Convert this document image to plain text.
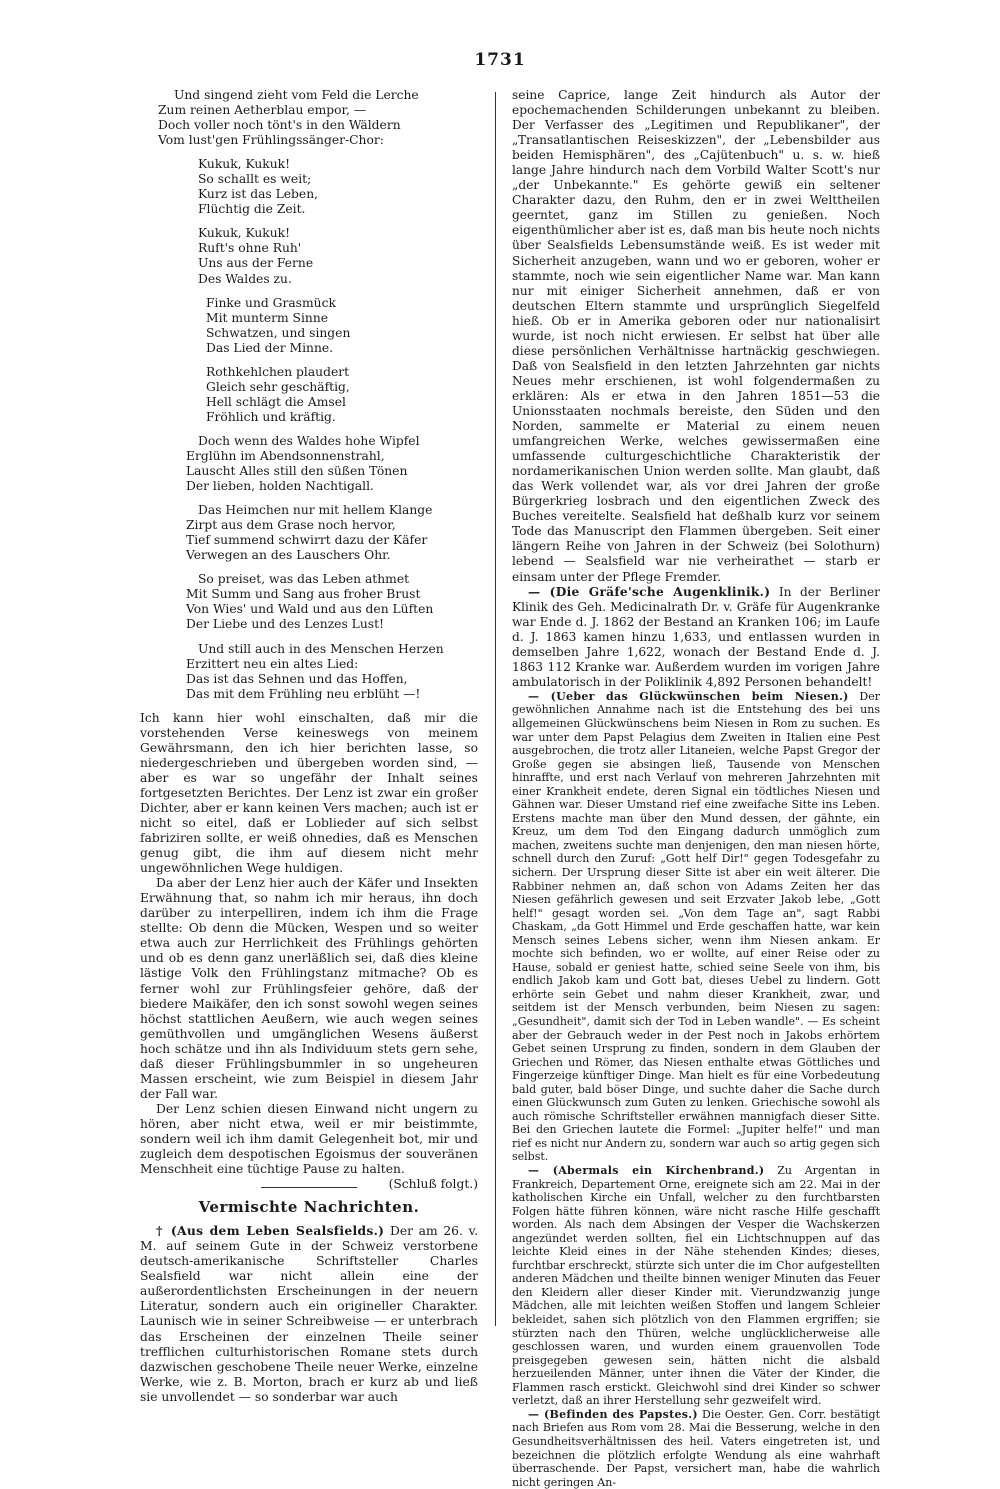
1731
Und singend zieht vom Feld die Lerche
Zum reinen Aetherblau empor, —
Doch voller noch tönt's in den Wäldern
Vom lust'gen Frühlingssänger-Chor:
Kukuk, Kukuk!
So schallt es weit;
Kurz ist das Leben,
Flüchtig die Zeit.
Kukuk, Kukuk!
Ruft's ohne Ruh'
Uns aus der Ferne
Des Waldes zu.
Finke und Grasmück
Mit munterm Sinne
Schwatzen, und singen
Das Lied der Minne.
Rothkehlchen plaudert
Gleich sehr geschäftig,
Hell schlägt die Amsel
Fröhlich und kräftig.
Doch wenn des Waldes hohe Wipfel
Erglühn im Abendsonnenstrahl,
Lauscht Alles still den süßen Tönen
Der lieben, holden Nachtigall.
Das Heimchen nur mit hellem Klange
Zirpt aus dem Grase noch hervor,
Tief summend schwirrt dazu der Käfer
Verwegen an des Lauschers Ohr.
So preiset, was das Leben athmet
Mit Summ und Sang aus froher Brust
Von Wies' und Wald und aus den Lüften
Der Liebe und des Lenzes Lust!
Und still auch in des Menschen Herzen
Erzittert neu ein altes Lied:
Das ist das Sehnen und das Hoffen,
Das mit dem Frühling neu erblüht —!

Ich kann hier wohl einschalten, daß mir die vorstehenden Verse keineswegs von meinem Gewährsmann, den ich hier berichten lasse, so niedergeschrieben und übergeben worden sind, — aber es war so ungefähr der Inhalt seines fortgesetzten Berichtes. Der Lenz ist zwar ein großer Dichter, aber er kann keinen Vers machen; auch ist er nicht so eitel, daß er Loblieder auf sich selbst fabriziren sollte, er weiß ohnedies, daß es Menschen genug gibt, die ihm auf diesem nicht mehr ungewöhnlichen Wege huldigen.

Da aber der Lenz hier auch der Käfer und Insekten Erwähnung that, so nahm ich mir heraus, ihn doch darüber zu interpelliren, indem ich ihm die Frage stellte: Ob denn die Mücken, Wespen und so weiter etwa auch zur Herrlichkeit des Frühlings gehörten und ob es denn ganz unerläßlich sei, daß dies kleine lästige Volk den Frühlingstanz mitmache? Ob es ferner wohl zur Frühlingsfeier gehöre, daß der biedere Maikäfer, den ich sonst sowohl wegen seines höchst stattlichen Aeußern, wie auch wegen seines gemüthvollen und umgänglichen Wesens äußerst hoch schätze und ihn als Individuum stets gern sehe, daß dieser Frühlingsbummler in so ungeheuren Massen erscheint, wie zum Beispiel in diesem Jahr der Fall war.

Der Lenz schien diesen Einwand nicht ungern zu hören, aber nicht etwa, weil er mir beistimmte, sondern weil ich ihm damit Gelegenheit bot, mir und zugleich dem despotischen Egoismus der souveränen Menschheit eine tüchtige Pause zu halten.
(Schluß folgt.)

Vermischte Nachrichten.

† (Aus dem Leben Sealsfields.) Der am 26. v. M. auf seinem Gute in der Schweiz verstorbene deutsch-amerikanische Schriftsteller Charles Sealsfield war nicht allein eine der außerordentlichsten Erscheinungen in der neuern Literatur, sondern auch ein origineller Charakter. Launisch wie in seiner Schreibweise — er unterbrach das Erscheinen der einzelnen Theile seiner trefflichen culturhistorischen Romane stets durch dazwischen geschobene Theile neuer Werke, einzelne Werke, wie z. B. Morton, brach er kurz ab und ließ sie unvollendet — so sonderbar war auch

seine Caprice, lange Zeit hindurch als Autor der epochemachenden Schilderungen unbekannt zu bleiben. Der Verfasser des „Legitimen und Republikaner", der „Transatlantischen Reiseskizzen", der „Lebensbilder aus beiden Hemisphären", des „Cajütenbuch" u. s. w. hieß lange Jahre hindurch nach dem Vorbild Walter Scott's nur „der Unbekannte." Es gehörte gewiß ein seltener Charakter dazu, den Ruhm, den er in zwei Welttheilen geerntet, ganz im Stillen zu genießen. Noch eigenthümlicher aber ist es, daß man bis heute noch nichts über Sealsfields Lebensumstände weiß. Es ist weder mit Sicherheit anzugeben, wann und wo er geboren, woher er stammte, noch wie sein eigentlicher Name war. Man kann nur mit einiger Sicherheit annehmen, daß er von deutschen Eltern stammte und ursprünglich Siegelfeld hieß. Ob er in Amerika geboren oder nur nationalisirt wurde, ist noch nicht erwiesen. Er selbst hat über alle diese persönlichen Verhältnisse hartnäckig geschwiegen. Daß von Sealsfield in den letzten Jahrzehnten gar nichts Neues mehr erschienen, ist wohl folgendermaßen zu erklären: Als er etwa in den Jahren 1851—53 die Unionsstaaten nochmals bereiste, den Süden und den Norden, sammelte er Material zu einem neuen umfangreichen Werke, welches gewissermaßen eine umfassende culturgeschichtliche Charakteristik der nordamerikanischen Union werden sollte. Man glaubt, daß das Werk vollendet war, als vor drei Jahren der große Bürgerkrieg losbrach und den eigentlichen Zweck des Buches vereitelte. Sealsfield hat deßhalb kurz vor seinem Tode das Manuscript den Flammen übergeben. Seit einer längern Reihe von Jahren in der Schweiz (bei Solothurn) lebend — Sealsfield war nie verheirathet — starb er einsam unter der Pflege Fremder.

— (Die Gräfe'sche Augenklinik.) In der Berliner Klinik des Geh. Medicinalrath Dr. v. Gräfe für Augenkranke war Ende d. J. 1862 der Bestand an Kranken 106; im Laufe d. J. 1863 kamen hinzu 1,633, und entlassen wurden in demselben Jahre 1,622, wonach der Bestand Ende d. J. 1863 112 Kranke war. Außerdem wurden im vorigen Jahre ambulatorisch in der Poliklinik 4,892 Personen behandelt!

— (Ueber das Glückwünschen beim Niesen.) Der gewöhnlichen Annahme nach ist die Entstehung des bei uns allgemeinen Glückwünschens beim Niesen in Rom zu suchen. Es war unter dem Papst Pelagius dem Zweiten in Italien eine Pest ausgebrochen, die trotz aller Litaneien, welche Papst Gregor der Große gegen sie absingen ließ, Tausende von Menschen hinraffte, und erst nach Verlauf von mehreren Jahrzehnten mit einer Krankheit endete, deren Signal ein tödtliches Niesen und Gähnen war. Dieser Umstand rief eine zweifache Sitte ins Leben. Erstens machte man über den Mund dessen, der gähnte, ein Kreuz, um dem Tod den Eingang dadurch unmöglich zum machen, zweitens suchte man denjenigen, den man niesen hörte, schnell durch den Zuruf: „Gott helf Dir!" gegen Todesgefahr zu sichern. Der Ursprung dieser Sitte ist aber ein weit älterer. Die Rabbiner nehmen an, daß schon von Adams Zeiten her das Niesen gefährlich gewesen und seit Erzvater Jakob lebe, „Gott helf!" gesagt worden sei. „Von dem Tage an", sagt Rabbi Chaskam, „da Gott Himmel und Erde geschaffen hatte, war kein Mensch seines Lebens sicher, wenn ihm Niesen ankam. Er mochte sich befinden, wo er wollte, auf einer Reise oder zu Hause, sobald er geniest hatte, schied seine Seele von ihm, bis endlich Jakob kam und Gott bat, dieses Uebel zu lindern. Gott erhörte sein Gebet und nahm dieser Krankheit, zwar, und seitdem ist der Mensch verbunden, beim Niesen zu sagen: „Gesundheit", damit sich der Tod in Leben wandle". — Es scheint aber der Gebrauch weder in der Pest noch in Jakobs erhörtem Gebet seinen Ursprung zu finden, sondern in dem Glauben der Griechen und Römer, das Niesen enthalte etwas Göttliches und Fingerzeige künftiger Dinge. Man hielt es für eine Vorbedeutung bald guter, bald böser Dinge, und suchte daher die Sache durch einen Glückwunsch zum Guten zu lenken. Griechische sowohl als auch römische Schriftsteller erwähnen mannigfach dieser Sitte. Bei den Griechen lautete die Formel: „Jupiter helfe!" und man rief es nicht nur Andern zu, sondern war auch so artig gegen sich selbst.

— (Abermals ein Kirchenbrand.) Zu Argentan in Frankreich, Departement Orne, ereignete sich am 22. Mai in der katholischen Kirche ein Unfall, welcher zu den furchtbarsten Folgen hätte führen können, wäre nicht rasche Hilfe geschafft worden. Als nach dem Absingen der Vesper die Wachskerzen angezündet werden sollten, fiel ein Lichtschnuppen auf das leichte Kleid eines in der Nähe stehenden Kindes; dieses, furchtbar erschreckt, stürzte sich unter die im Chor aufgestellten anderen Mädchen und theilte binnen weniger Minuten das Feuer den Kleidern aller dieser Kinder mit. Vierundzwanzig junge Mädchen, alle mit leichten weißen Stoffen und langem Schleier bekleidet, sahen sich plötzlich von den Flammen ergriffen; sie stürzten nach den Thüren, welche unglücklicherweise alle geschlossen waren, und wurden einem grauenvollen Tode preisgegeben gewesen sein, hätten nicht die alsbald herzueilenden Männer, unter ihnen die Väter der Kinder, die Flammen rasch erstickt. Gleichwohl sind drei Kinder so schwer verletzt, daß an ihrer Herstellung sehr gezweifelt wird.

— (Befinden des Papstes.) Die Oester. Gen. Corr. bestätigt nach Briefen aus Rom vom 28. Mai die Besserung, welche in den Gesundheitsverhältnissen des heil. Vaters eingetreten ist, und bezeichnen die plötzlich erfolgte Wendung als eine wahrhaft überraschende. Der Papst, versichert man, habe die wahrlich nicht geringen An-
